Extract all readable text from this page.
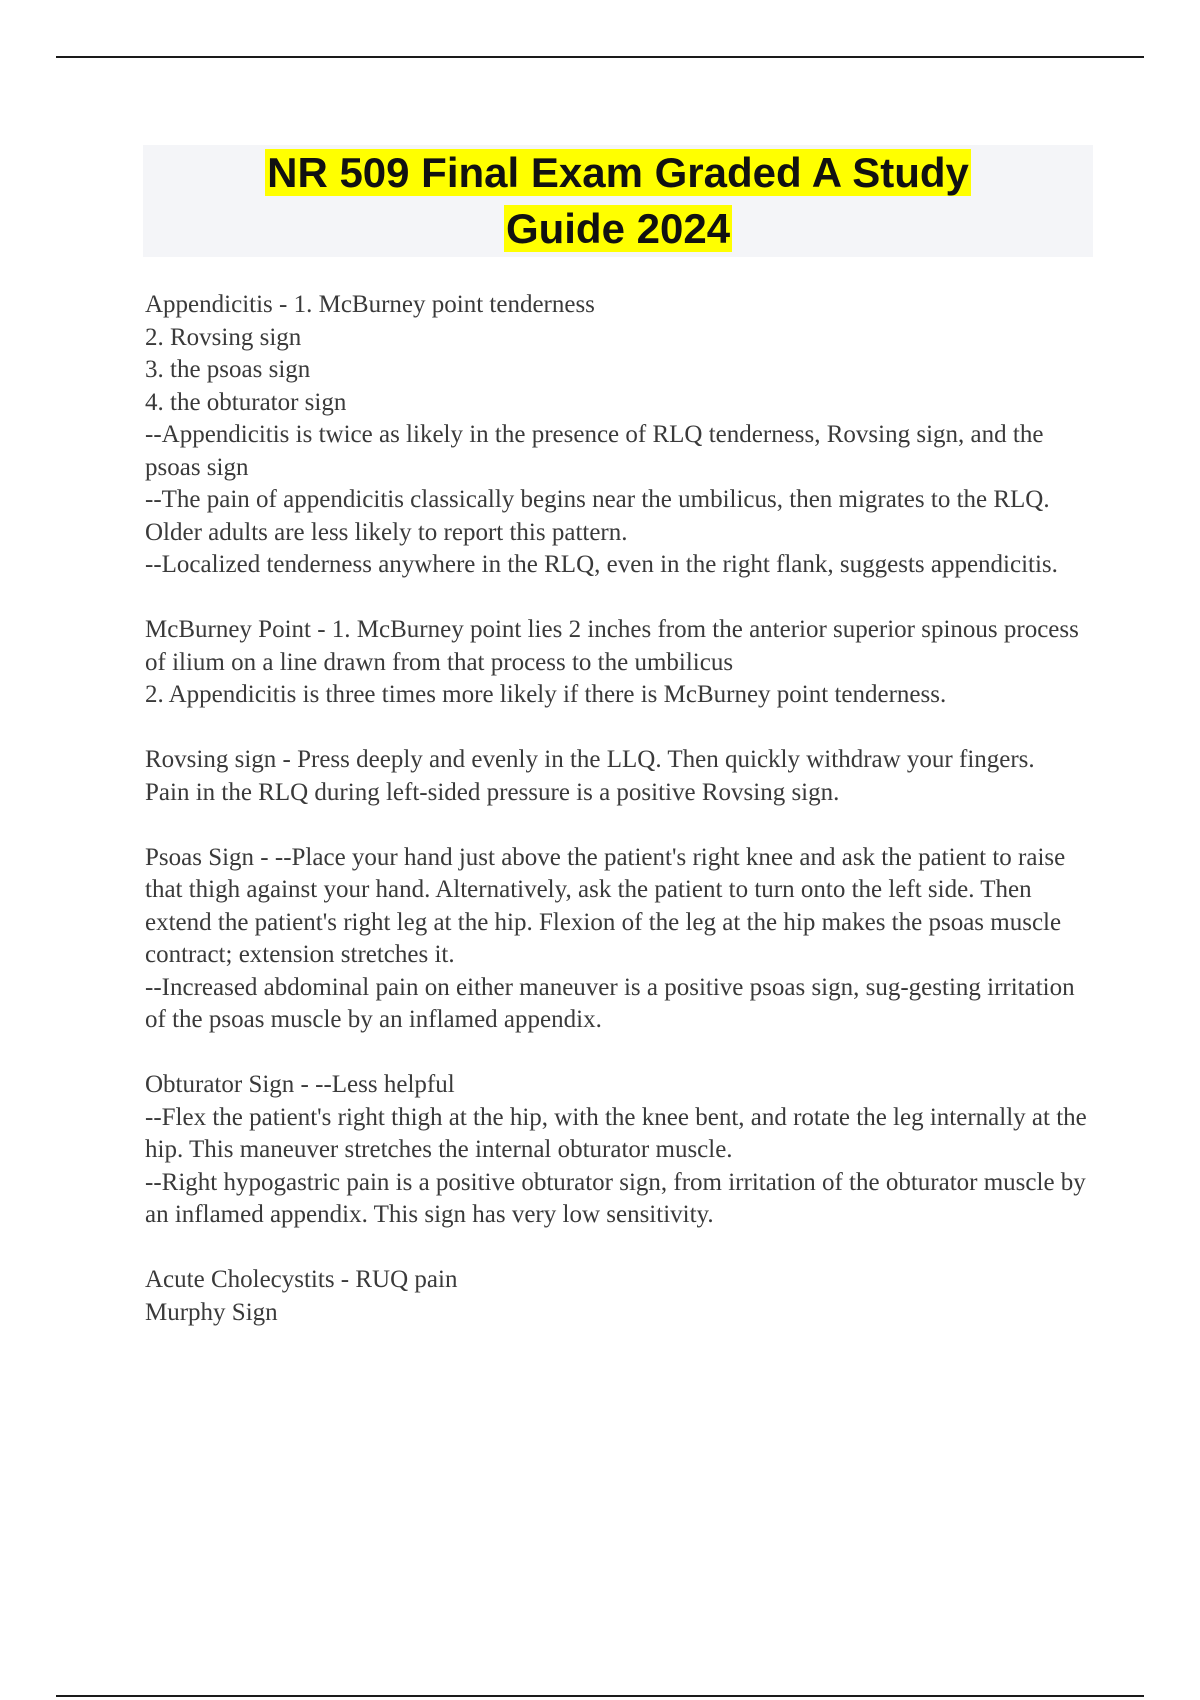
NR 509 Final Exam Graded A Study
Guide 2024

Appendicitis - 1. McBurney point tenderness
2. Rovsing sign
3. the psoas sign
4. the obturator sign
--Appendicitis is twice as likely in the presence of RLQ tenderness, Rovsing sign, and the psoas sign
--The pain of appendicitis classically begins near the umbilicus, then migrates to the RLQ. Older adults are less likely to report this pattern.
--Localized tenderness anywhere in the RLQ, even in the right flank, suggests appendicitis.

McBurney Point - 1. McBurney point lies 2 inches from the anterior superior spinous process of ilium on a line drawn from that process to the umbilicus
2. Appendicitis is three times more likely if there is McBurney point tenderness.

Rovsing sign - Press deeply and evenly in the LLQ. Then quickly withdraw your fingers.
Pain in the RLQ during left-sided pressure is a positive Rovsing sign.

Psoas Sign - --Place your hand just above the patient's right knee and ask the patient to raise that thigh against your hand. Alternatively, ask the patient to turn onto the left side. Then extend the patient's right leg at the hip. Flexion of the leg at the hip makes the psoas muscle contract; extension stretches it.
--Increased abdominal pain on either maneuver is a positive psoas sign, sug-gesting irritation of the psoas muscle by an inflamed appendix.

Obturator Sign - --Less helpful
--Flex the patient's right thigh at the hip, with the knee bent, and rotate the leg internally at the hip. This maneuver stretches the internal obturator muscle.
--Right hypogastric pain is a positive obturator sign, from irritation of the obturator muscle by an inflamed appendix. This sign has very low sensitivity.

Acute Cholecystits - RUQ pain
Murphy Sign
